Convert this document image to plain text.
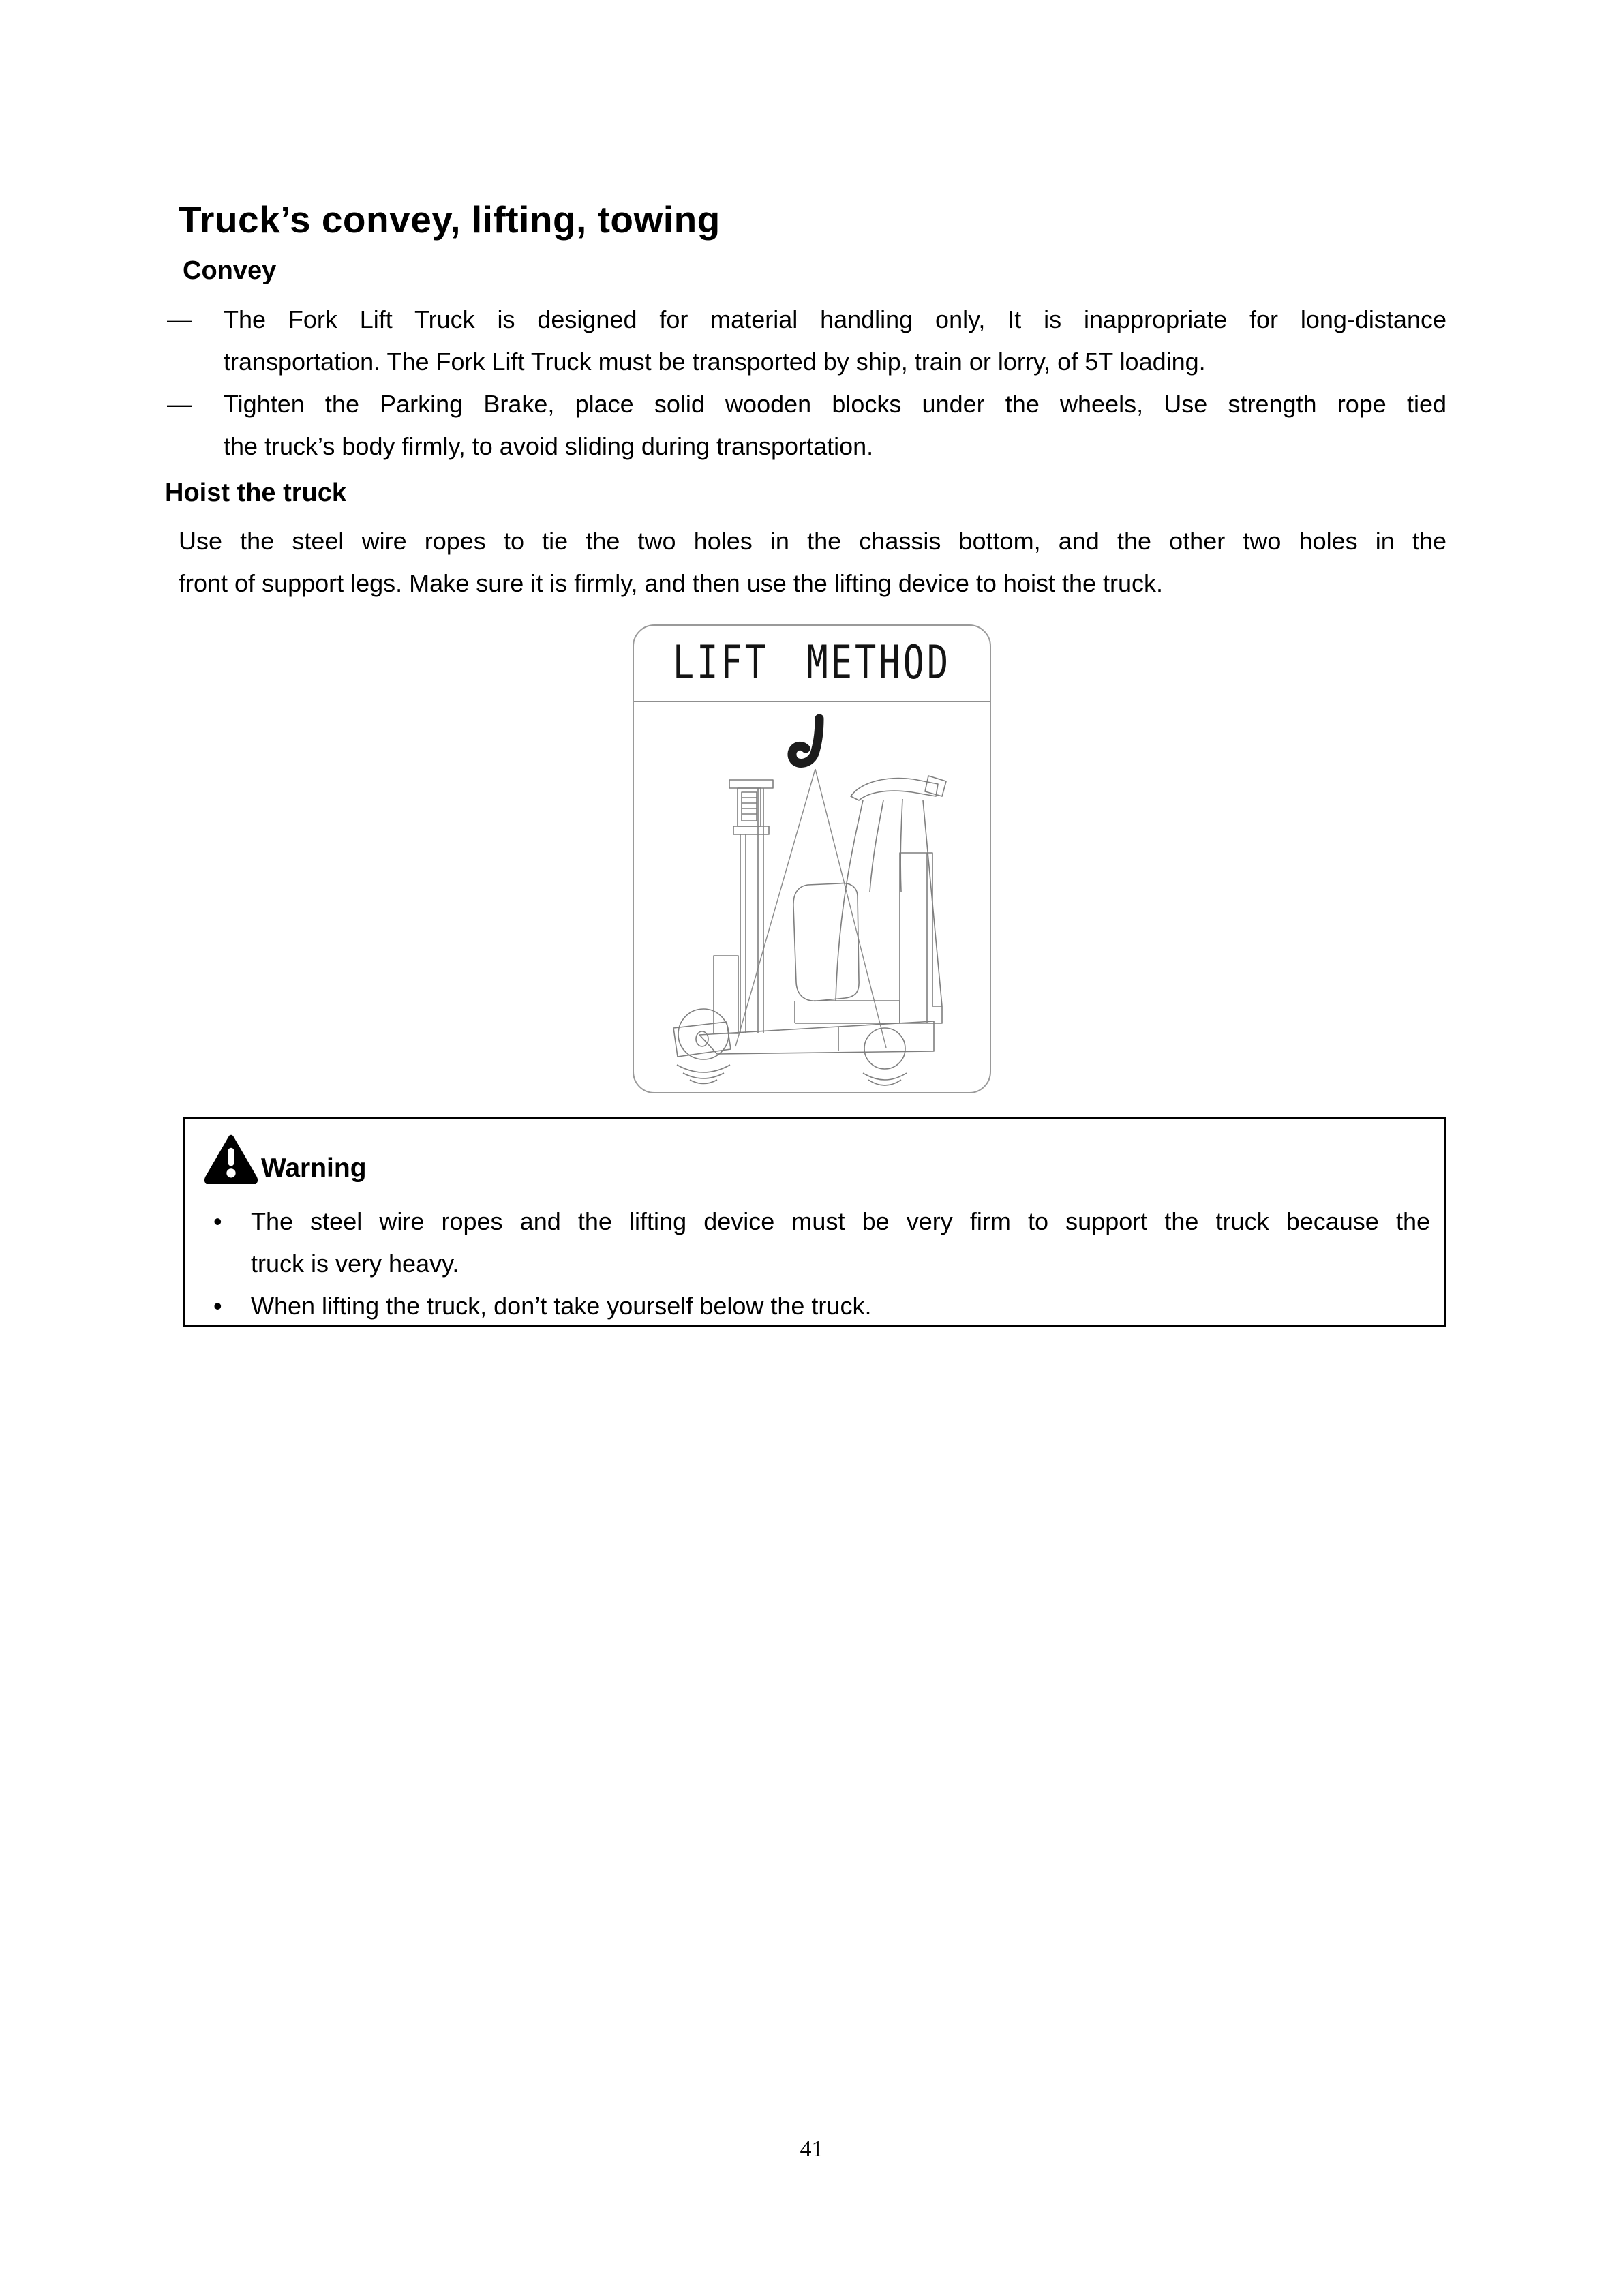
Truck’s convey, lifting, towing
Convey
—	The Fork Lift Truck is designed for material handling only, It is inappropriate for long-distance
transportation. The Fork Lift Truck must be transported by ship, train or lorry, of 5T loading.
—	Tighten the Parking Brake, place solid wooden blocks under the wheels, Use strength rope tied
the truck’s body firmly, to avoid sliding during transportation.
Hoist the truck
Use the steel wire ropes to tie the two holes in the chassis bottom, and the other two holes in the
front of support legs. Make sure it is firmly, and then use the lifting device to hoist the truck.
LIFT METHOD
Warning
•	The steel wire ropes and the lifting device must be very firm to support the truck because the
truck is very heavy.
•	When lifting the truck, don’t take yourself below the truck.
41
